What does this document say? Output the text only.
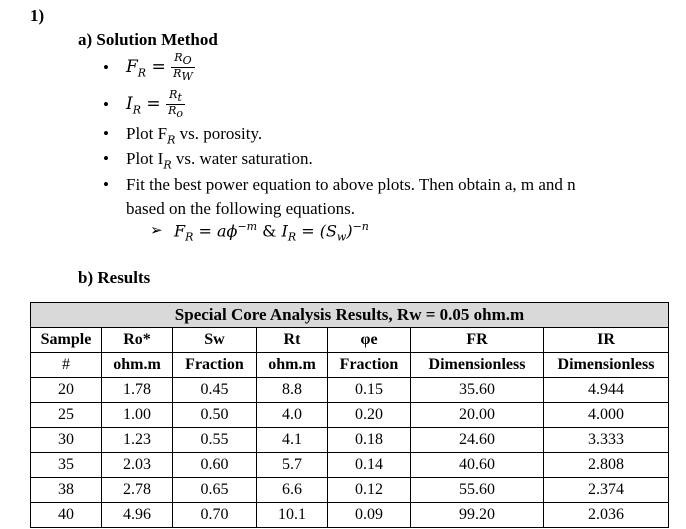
1)
a) Solution Method
• $F_R = \frac{R_O}{R_W}$
• $I_R = \frac{R_t}{R_o}$
• Plot $F_R$ vs. porosity.
• Plot $I_R$ vs. water saturation.
• Fit the best power equation to above plots. Then obtain a, m and n
based on the following equations.
➢ $F_R = a\phi^{-m}$ & $I_R = (S_w)^{-n}$
b) Results
Special Core Analysis Results, Rw = 0.05 ohm.m						
Sample	Ro*	Sw	Rt	φe	FR	IR
#	ohm.m	Fraction	ohm.m	Fraction	Dimensionless	Dimensionless
20	1.78	0.45	8.8	0.15	35.60	4.944
25	1.00	0.50	4.0	0.20	20.00	4.000
30	1.23	0.55	4.1	0.18	24.60	3.333
35	2.03	0.60	5.7	0.14	40.60	2.808
38	2.78	0.65	6.6	0.12	55.60	2.374
40	4.96	0.70	10.1	0.09	99.20	2.036
